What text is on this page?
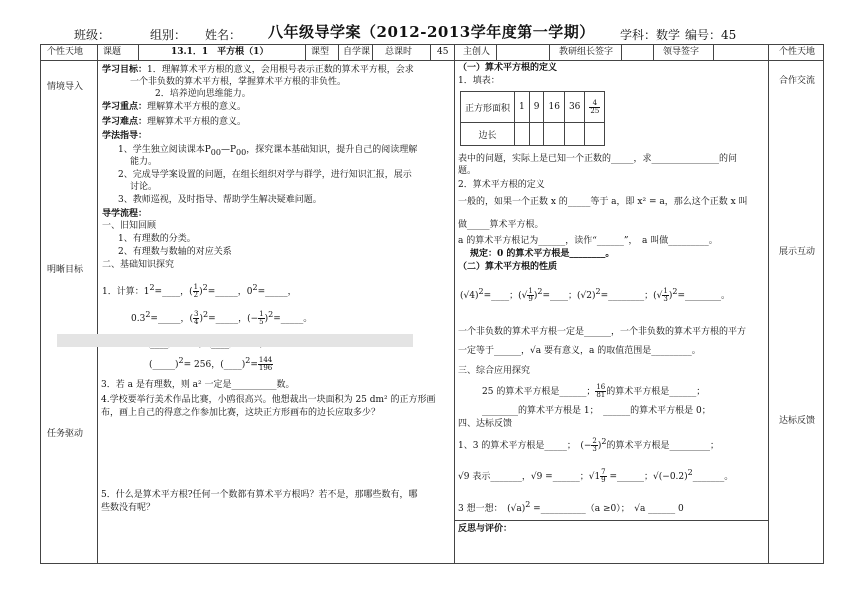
班级：	组别： 姓名： 八年级导学案（2012-2013学年度第一学期） 学科：数学 编号：45
个性天地 课题	13.1．1　平方根（1）	课型 自学课 总课时	45 主创人	教研组长签字	领导签字	个性天地
情境导入
明晰目标
任务驱动
合作交流
展示互动
达标反馈
学习目标：1．理解算术平方根的意义，会用根号表示正数的算术平方根，会求
一个非负数的算术平方根，掌握算术平方根的非负性。
2．培养逆向思维能力。
学习重点：理解算术平方根的意义。
学习难点：理解算术平方根的意义。
学法指导：
1、学生独立阅读课本$P_{00}—P_{00}$，探究课本基础知识，提升自己的阅读理解
能力。
2、完成导学案设置的问题，在组长组织对学与群学，进行知识汇报，展示
讨论。
3、教师巡视，及时指导、帮助学生解决疑难问题。
导学流程：
一、旧知回顾
1、有理数的分类。
2、有理数与数轴的对应关系
二、基础知识探究
1．计算：$1^2=\_\_\_\_$，( $\frac{1}{2}$ )$^2$=_____，$0^2=\_\_\_\_\_$，
$0.3^2=\_\_\_\_\_$，( $\frac{3}{4}$ )$^2$=_____，(− $\frac{1}{5}$ )$^2$=_____。
(_____)$^2$= 256，(____)$^2$= $\frac{144}{196}$
3．若 a 是有理数，则 a² 一定是__________数。
4.学校要举行美术作品比赛，小鸥很高兴。他想裁出一块面积为 25 dm² 的正方形画
布，画上自己的得意之作参加比赛，这块正方形画布的边长应取多少？
5．什么是算术平方根?任何一个数都有算术平方根吗？若不是，那哪些数有，哪
些数没有呢？
（一）算术平方根的定义
1．填表：
正方形面积	1	9	16	36	$\frac{4}{25}$

边长					
表中的问题，实际上是已知一个正数的_____，求_______________的问
题。
2．算术平方根的定义
一般的，如果一个正数 x 的_____等于 a，即 x² = a，那么这个正数 x 叫
做_____算术平方根。
a 的算术平方根记为______，读作“______”，　 a 叫做_________。
规定：0 的算术平方根是________。
（二）算术平方根的性质
$(√4)^2=\_\_\_\_$；(√ $\frac{1}{9}$ )$^2$=____；$(√2)^2=\_\_\_\_\_\_\_\_$；(√ $\frac{1}{3}$ )$^2$=________。
一个非负数的算术平方根一定是______，一个非负数的算术平方根的平方
一定等于______，√a 要有意义，a 的取值范围是_________。
三、综合应用探究
25 的算术平方根是______； $\frac{16}{81}$ 的算术平方根是______；
________的算术平方根是 1；　______的算术平方根是 0；
四、达标反馈
1、3 的算术平方根是_____；　(− $\frac{2}{3} )^2$的算术平方根是_________；
√9 表示_______，√9 =______；$√1 \frac{7}{9}$ =______；$√(-0.2)^2\_\_\_\_\_\_\_$。
3 想一想：　$(√a)^2$ =__________（a ≥0）；　√a ______ 0
反思与评价：
